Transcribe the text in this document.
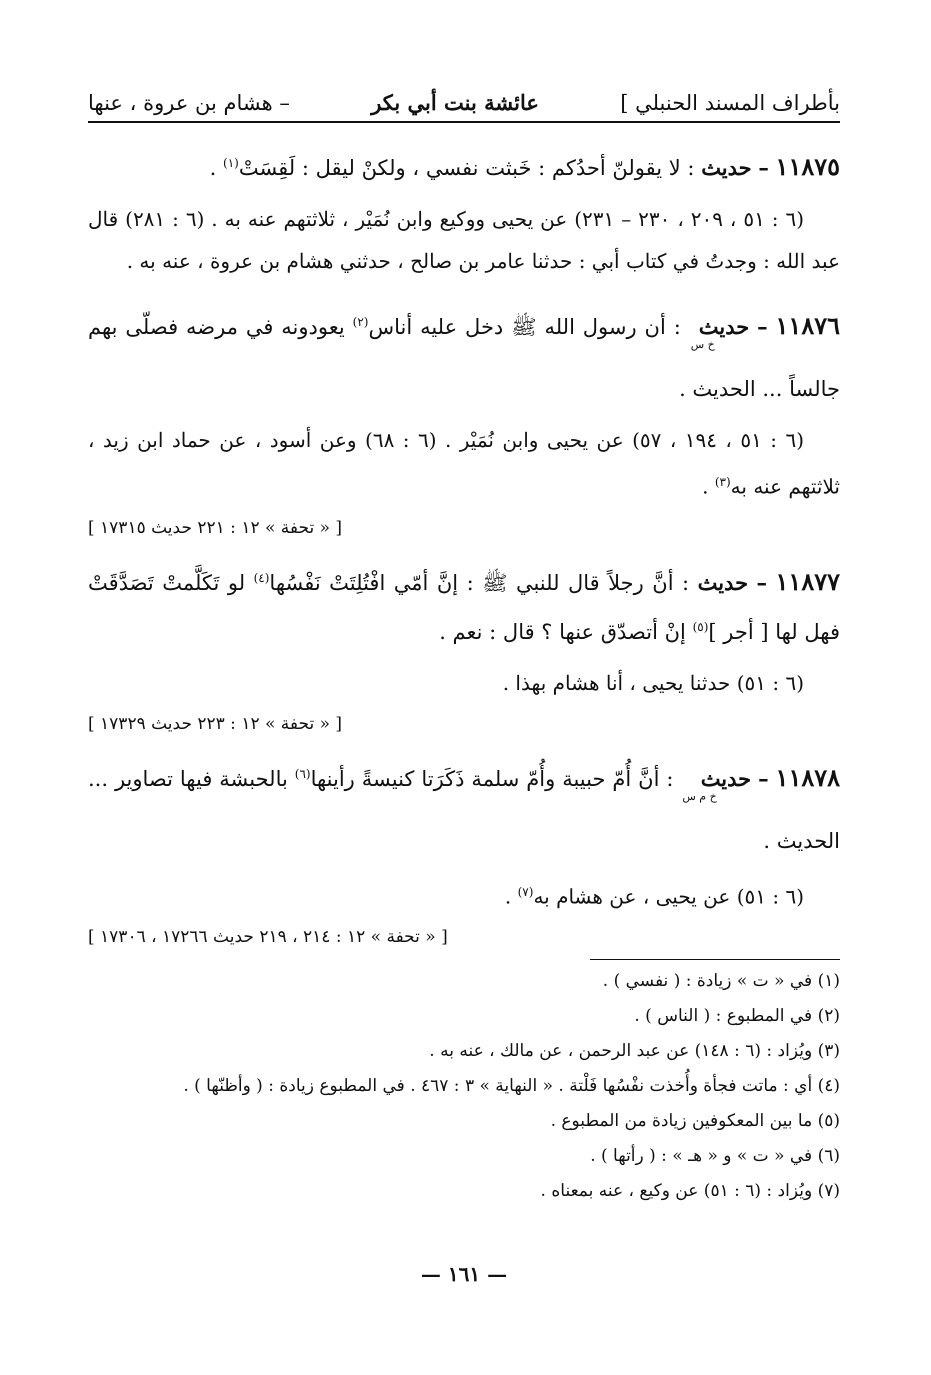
بأطراف المسند الحنبلي ]
عائشة بنت أبي بكر
– هشام بن عروة ، عنها
١١٨٧٥ – حديث : لا يقولنّ أحدُكم : خَبثت نفسي ، ولكنْ ليقل : لَقِسَتْ$^{(١)}$ .
(٦ : ٥١ ، ٢٠٩ ، ٢٣٠ – ٢٣١) عن يحيى ووكيع وابن نُمَيْر ، ثلاثتهم عنه به . (٦ : ٢٨١) قال عبد الله : وجدتُ في كتاب أبي : حدثنا عامر بن صالح ، حدثني هشام بن عروة ، عنه به .
١١٨٧٦ – حديثخ س : أن رسول الله ﷺ دخل عليه أناس$^{(٢)}$ يعودونه في مرضه فصلّى بهم جالساً ... الحديث .
(٦ : ٥١ ، ١٩٤ ، ٥٧) عن يحيى وابن نُمَيْر . (٦ : ٦٨) وعن أسود ، عن حماد ابن زيد ، ثلاثتهم عنه به$^{(٣)}$ .
[ « تحفة » ١٢ : ٢٢١ حديث ١٧٣١٥ ]
١١٨٧٧ – حديث : أنَّ رجلاً قال للنبي ﷺ : إنَّ أمّي افْتُلِتَتْ نَفْسُها$^{(٤)}$ لو تَكَلَّمتْ تَصَدَّقَتْ فهل لها [ أجر ]$^{(٥)}$ إنْ أتصدّق عنها ؟ قال : نعم .
(٦ : ٥١) حدثنا يحيى ، أنا هشام بهذا .
[ « تحفة » ١٢ : ٢٢٣ حديث ١٧٣٢٩ ]
١١٨٧٨ – حديثخ م س : أنَّ أُمّ حبيبة وأُمّ سلمة ذَكَرَتا كنيسةً رأينها$^{(٦)}$ بالحبشة فيها تصاوير ... الحديث .
(٦ : ٥١) عن يحيى ، عن هشام به$^{(٧)}$ .
[ « تحفة » ١٢ : ٢١٤ ، ٢١٩ حديث ١٧٢٦٦ ، ١٧٣٠٦ ]
(١) في « ت » زيادة : ( نفسي ) .
(٢) في المطبوع : ( الناس ) .
(٣) ويُزاد : (٦ : ١٤٨) عن عبد الرحمن ، عن مالك ، عنه به .
(٤) أي : ماتت فجأة وأُخذت نفْسُها فَلْتة . « النهاية » ٣ : ٤٦٧ . في المطبوع زيادة : ( وأظنّها ) .
(٥) ما بين المعكوفين زيادة من المطبوع .
(٦) في « ت » و « هـ » : ( رأتها ) .
(٧) ويُزاد : (٦ : ٥١) عن وكيع ، عنه بمعناه .
— ١٦١ —
